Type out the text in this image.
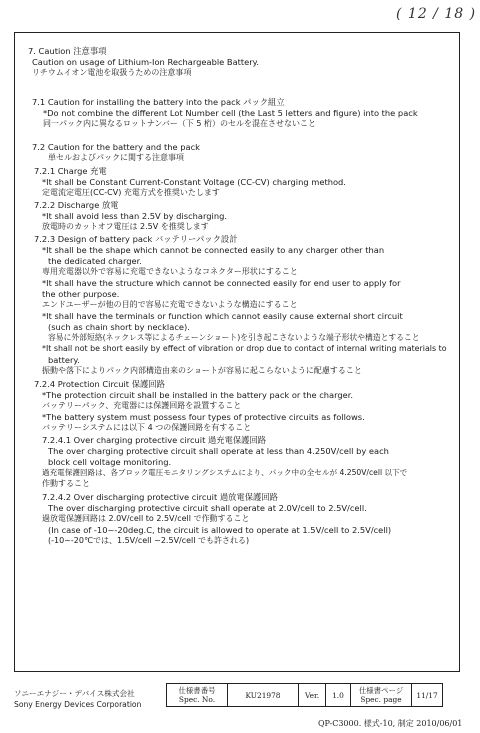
( 12 / 18 )
7. Caution 注意事項
Caution on usage of Lithium-Ion Rechargeable Battery.
リチウムイオン電池を取扱うための注意事項
7.1 Caution for installing the battery into the pack パック組立
*Do not combine the different Lot Number cell (the Last 5 letters and figure) into the pack
同一パック内に異なるロットナンバー（下 5 桁）のセルを混在させないこと
7.2 Caution for the battery and the pack
単セルおよびパックに関する注意事項
7.2.1 Charge 充電
*It shall be Constant Current-Constant Voltage (CC-CV) charging method.
定電流定電圧(CC-CV) 充電方式を推奨いたします
7.2.2 Discharge 放電
*It shall avoid less than 2.5V by discharging.
放電時のカットオフ電圧は 2.5V を推奨します
7.2.3 Design of battery pack バッテリーパック設計
*It shall be the shape which cannot be connected easily to any charger other than
the dedicated charger.
専用充電器以外で容易に充電できないようなコネクター形状にすること
*It shall have the structure which cannot be connected easily for end user to apply for
the other purpose.
エンドユーザーが他の目的で容易に充電できないような構造にすること
*It shall have the terminals or function which cannot easily cause external short circuit
(such as chain short by necklace).
容易に外部短絡(ネックレス等によるチェーンショート)を引き起こさないような端子形状や構造とすること
*It shall not be short easily by effect of vibration or drop due to contact of internal writing materials to
battery.
振動や落下によりパック内部構造由来のショートが容易に起こらないように配慮すること
7.2.4 Protection Circuit 保護回路
*The protection circuit shall be installed in the battery pack or the charger.
バッテリーパック、充電器には保護回路を設置すること
*The battery system must possess four types of protective circuits as follows.
バッテリーシステムには以下 4 つの保護回路を有すること
7.2.4.1 Over charging protective circuit 過充電保護回路
The over charging protective circuit shall operate at less than 4.250V/cell by each
block cell voltage monitoring.
過充電保護回路は、各ブロック電圧モニタリングシステムにより、パック中の全セルが 4.250V/cell 以下で
作動すること
7.2.4.2 Over discharging protective circuit 過放電保護回路
The over discharging protective circuit shall operate at 2.0V/cell to 2.5V/cell.
過放電保護回路は 2.0V/cell to 2.5V/cell で作動すること
(In case of -10~-20deg.C, the circuit is allowed to operate at 1.5V/cell to 2.5V/cell)
(-10~-20℃では、1.5V/cell ~2.5V/cell でも許される)
ソニーエナジー・デバイス株式会社
Sony Energy Devices Corporation
仕様書番号
Spec. No.	KU21978	Ver.	1.0	仕様書ページ
Spec. page	11/17
QP-C3000. 様式-10, 制定 2010/06/01
